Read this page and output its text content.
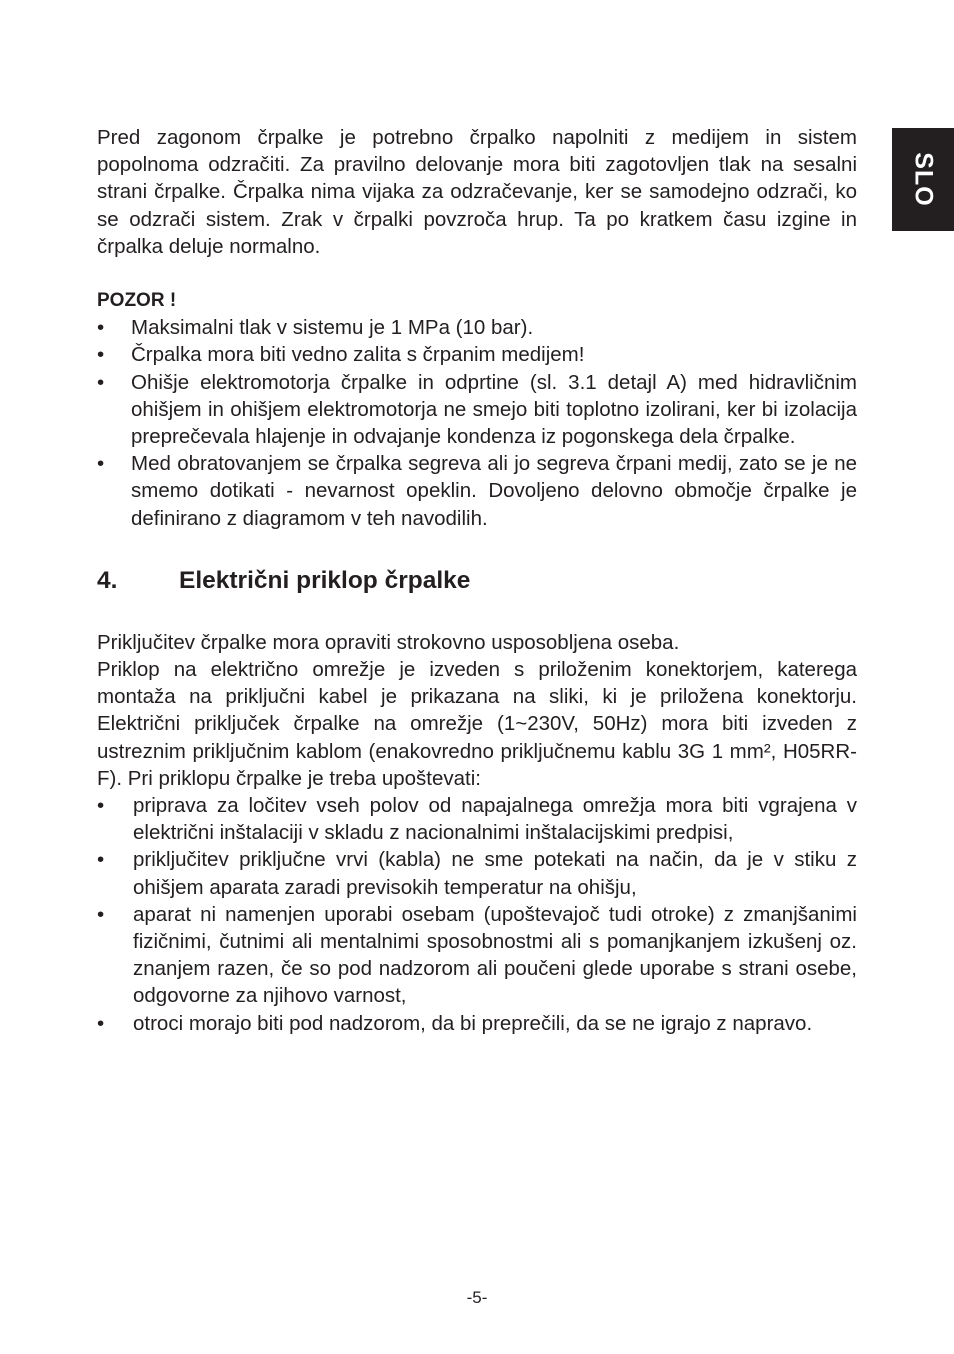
SLO

Pred zagonom črpalke je potrebno črpalko napolniti z medijem in sistem popolnoma odzračiti. Za pravilno delovanje mora biti zagotovljen tlak na sesalni strani črpalke. Črpalka nima vijaka za odzračevanje, ker se samodejno odzrači, ko se odzrači sistem. Zrak v črpalki povzroča hrup. Ta po kratkem času izgine in črpalka deluje normalno.

POZOR !
• Maksimalni tlak v sistemu je 1 MPa (10 bar).
• Črpalka mora biti vedno zalita s črpanim medijem!
• Ohišje elektromotorja črpalke in odprtine (sl. 3.1 detajl A) med hidravličnim ohišjem in ohišjem elektromotorja ne smejo biti toplotno izolirani, ker bi izolacija preprečevala hlajenje in odvajanje kondenza iz pogonskega dela črpalke.
• Med obratovanjem se črpalka segreva ali jo segreva črpani medij, zato se je ne smemo dotikati - nevarnost opeklin. Dovoljeno delovno območje črpalke je definirano z diagramom v teh navodilih.
4.	Električni priklop črpalke

Priključitev črpalke mora opraviti strokovno usposobljena oseba.

Priklop na električno omrežje je izveden s priloženim konektorjem, katerega montaža na priključni kabel je prikazana na sliki, ki je priložena konektorju. Električni priključek črpalke na omrežje (1~230V, 50Hz) mora biti izveden z ustreznim priključnim kablom (enakovredno priključnemu kablu 3G 1 mm², H05RR-F). Pri priklopu črpalke je treba upoštevati:

• priprava za ločitev vseh polov od napajalnega omrežja mora biti vgrajena v električni inštalaciji v skladu z nacionalnimi inštalacijskimi predpisi,
• priključitev priključne vrvi (kabla) ne sme potekati na način, da je v stiku z ohišjem aparata zaradi previsokih temperatur na ohišju,
• aparat ni namenjen uporabi osebam (upoštevajoč tudi otroke) z zmanjšanimi fizičnimi, čutnimi ali mentalnimi sposobnostmi ali s pomanjkanjem izkušenj oz. znanjem razen, če so pod nadzorom ali poučeni glede uporabe s strani osebe, odgovorne za njihovo varnost,
• otroci morajo biti pod nadzorom, da bi preprečili, da se ne igrajo z napravo.
-5-
